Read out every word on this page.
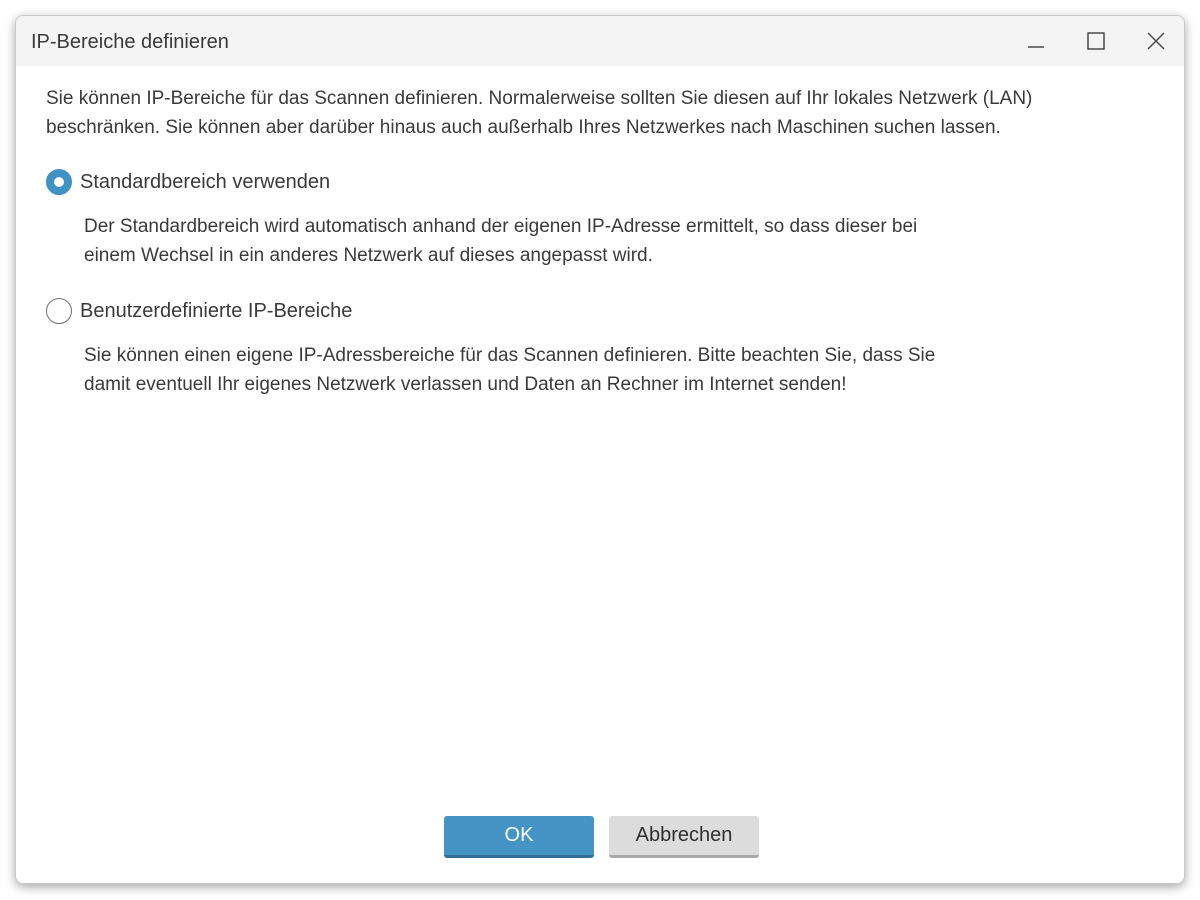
IP-Bereiche definieren
Sie können IP-Bereiche für das Scannen definieren. Normalerweise sollten Sie diesen auf Ihr lokales Netzwerk (LAN)
beschränken. Sie können aber darüber hinaus auch außerhalb Ihres Netzwerkes nach Maschinen suchen lassen.
Standardbereich verwenden
Der Standardbereich wird automatisch anhand der eigenen IP-Adresse ermittelt, so dass dieser bei
einem Wechsel in ein anderes Netzwerk auf dieses angepasst wird.
Benutzerdefinierte IP-Bereiche
Sie können einen eigene IP-Adressbereiche für das Scannen definieren. Bitte beachten Sie, dass Sie
damit eventuell Ihr eigenes Netzwerk verlassen und Daten an Rechner im Internet senden!
OK	Abbrechen
